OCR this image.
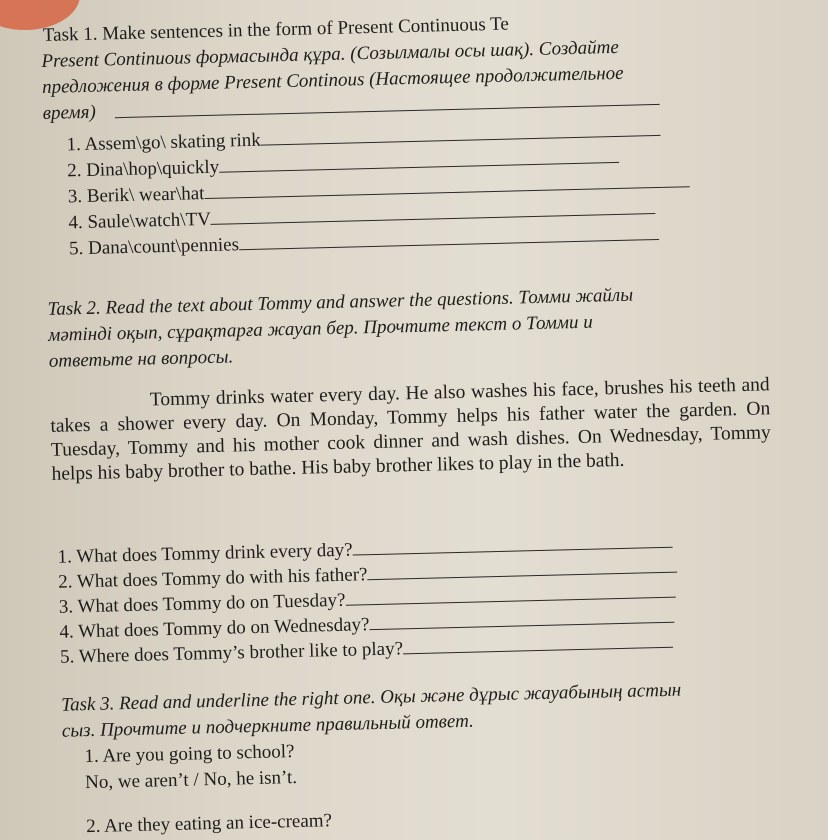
Task 1. Make sentences in the form of Present Continuous Te
Present Continuous формасында құра. (Созылмалы осы шақ). Создайте
предложения в форме Present Continous (Настоящее продолжительное
время)
1. Assem\go\ skating rink
2. Dina\hop\quickly
3. Berik\ wear\hat
4. Saule\watch\TV
5. Dana\count\pennies
Task 2. Read the text about Tommy and answer the questions. Томми жайлы
мәтінді оқып, сұрақтарға жауап бер. Прочтите текст о Томми и
ответьте на вопросы.
Tommy drinks water every day. He also washes his face, brushes his teeth and takes a shower every day. On Monday, Tommy helps his father water the garden. On Tuesday, Tommy and his mother cook dinner and wash dishes. On Wednesday, Tommy helps his baby brother to bathe. His baby brother likes to play in the bath.
1. What does Tommy drink every day?
2. What does Tommy do with his father?
3. What does Tommy do on Tuesday?
4. What does Tommy do on Wednesday?
5. Where does Tommy’s brother like to play?
Task 3. Read and underline the right one. Оқы және дұрыс жауабының астын
сыз. Прочтите и подчеркните правильный ответ.
1. Are you going to school?
No, we aren’t / No, he isn’t.
2. Are they eating an ice-cream?
